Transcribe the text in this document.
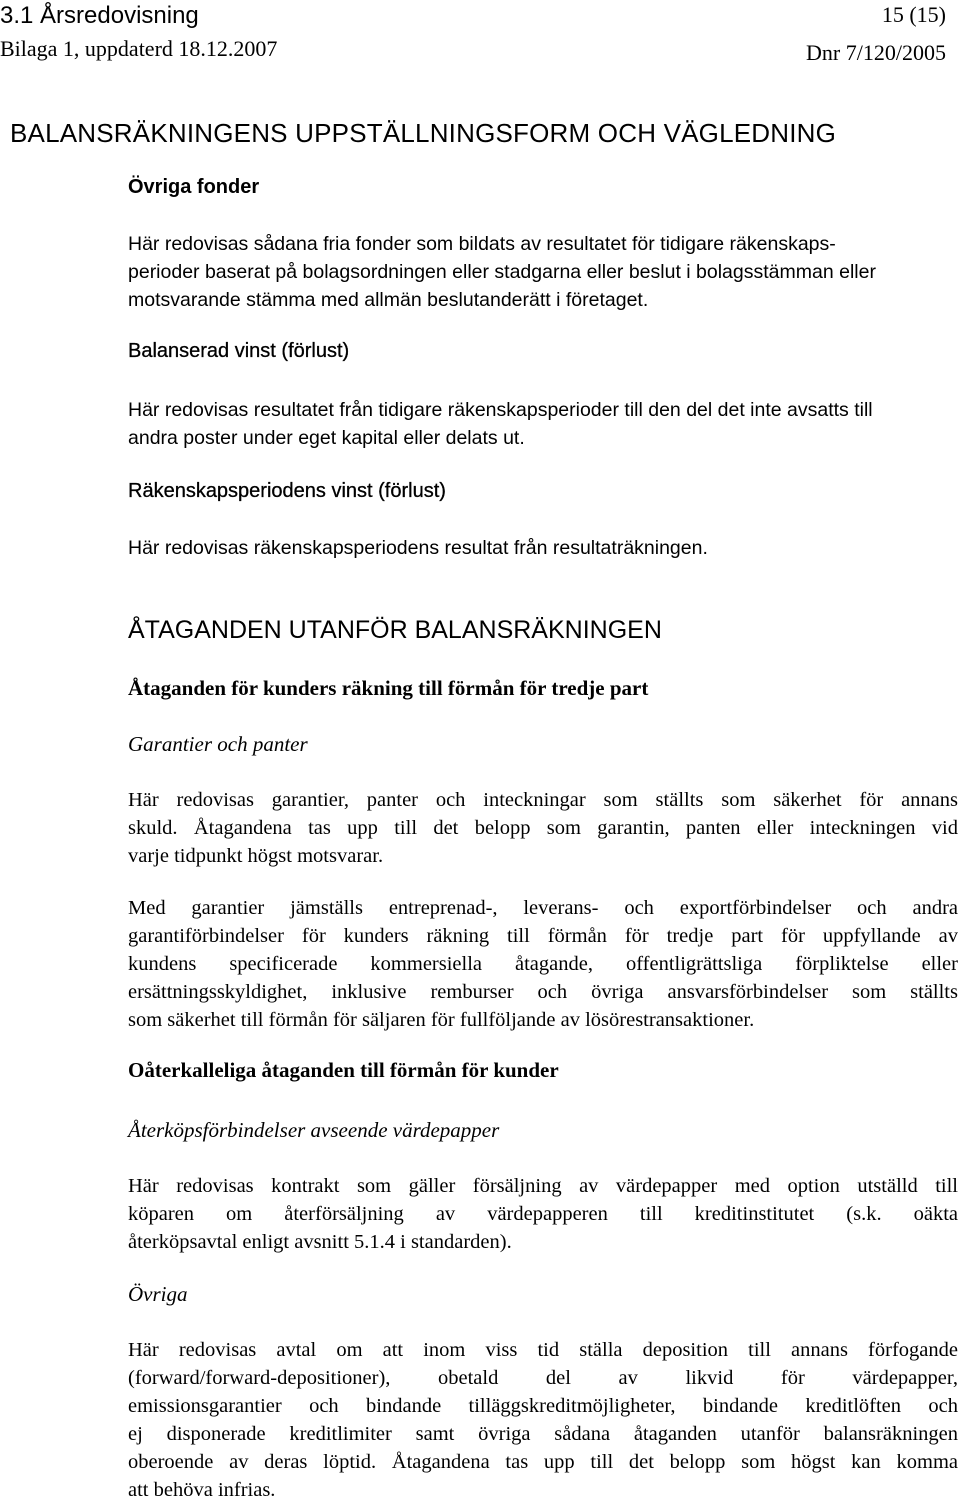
3.1 Årsredovisning
Bilaga 1, uppdaterd 18.12.2007
15 (15)
Dnr 7/120/2005
BALANSRÄKNINGENS UPPSTÄLLNINGSFORM OCH VÄGLEDNING
Övriga fonder
Här redovisas sådana fria fonder som bildats av resultatet för tidigare räkenskaps-
perioder baserat på bolagsordningen eller stadgarna eller beslut i bolagsstämman eller
motsvarande stämma med allmän beslutanderätt i företaget.
Balanserad vinst (förlust)
Här redovisas resultatet från tidigare räkenskapsperioder till den del det inte avsatts till
andra poster under eget kapital eller delats ut.
Räkenskapsperiodens vinst (förlust)
Här redovisas räkenskapsperiodens resultat från resultaträkningen.
ÅTAGANDEN UTANFÖR BALANSRÄKNINGEN
Åtaganden för kunders räkning till förmån för tredje part
Garantier och panter
Här redovisas garantier, panter och inteckningar som ställts som säkerhet för annans
skuld. Åtagandena tas upp till det belopp som garantin, panten eller inteckningen vid
varje tidpunkt högst motsvarar.
Med garantier jämställs entreprenad-, leverans- och exportförbindelser och andra
garantiförbindelser för kunders räkning till förmån för tredje part för uppfyllande av
kundens specificerade kommersiella åtagande, offentligrättsliga förpliktelse eller
ersättningsskyldighet, inklusive remburser och övriga ansvarsförbindelser som ställts
som säkerhet till förmån för säljaren för fullföljande av lösörestransaktioner.
Oåterkalleliga åtaganden till förmån för kunder
Återköpsförbindelser avseende värdepapper
Här redovisas kontrakt som gäller försäljning av värdepapper med option utställd till
köparen om återförsäljning av värdepapperen till kreditinstitutet (s.k. oäkta
återköpsavtal enligt avsnitt 5.1.4 i standarden).
Övriga
Här redovisas avtal om att inom viss tid ställa deposition till annans förfogande
(forward/forward-depositioner), obetald del av likvid för värdepapper,
emissionsgarantier och bindande tilläggskreditmöjligheter, bindande kreditlöften och
ej disponerade kreditlimiter samt övriga sådana åtaganden utanför balansräkningen
oberoende av deras löptid. Åtagandena tas upp till det belopp som högst kan komma
att behöva infrias.
